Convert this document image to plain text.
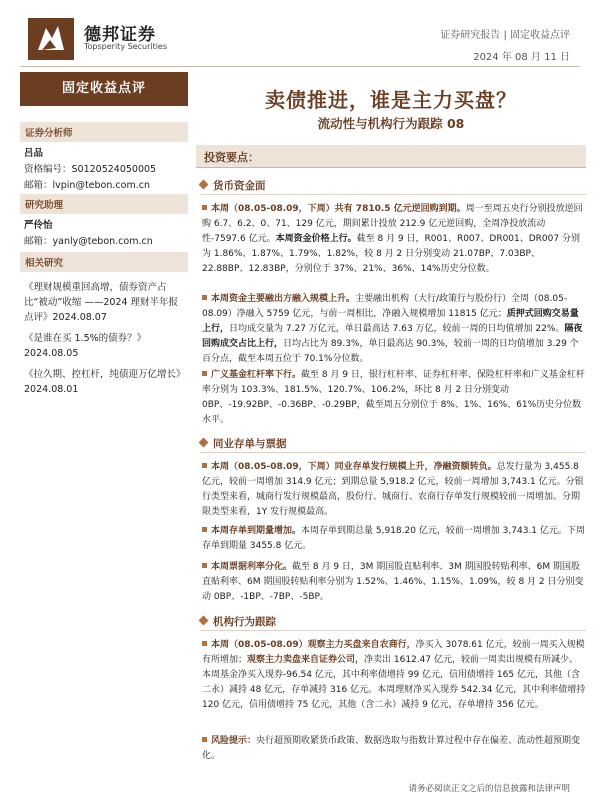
德邦证券
Topsperity Securities
证券研究报告 | 固定收益点评
2024 年 08 月 11 日
固定收益点评
证券分析师
吕品
资格编号：S0120524050005
邮箱：lvpin@tebon.com.cn
研究助理
严伶怡
邮箱：yanly@tebon.com.cn
相关研究
《理财规模重回高增，债券资产占比“被动”收缩 ——2024 理财半年报点评》2024.08.07
《是谁在买 1.5%的债券？》2024.08.05
《拉久期、控杠杆，纯债迎万亿增长》2024.08.01
卖债推进，谁是主力买盘？
流动性与机构行为跟踪 08
投资要点：
货币资金面
本周（08.05-08.09，下周）共有 7810.5 亿元逆回购到期。周一至周五央行分别投放逆回购 6.7、6.2、0、71、129 亿元，期间累计投放 212.9 亿元逆回购，全周净投放流动性-7597.6 亿元。本周资金价格上行。截至 8 月 9 日，R001、R007、DR001、DR007 分别为 1.86%、1.87%、1.79%、1.82%，较 8 月 2 日分别变动 21.07BP、7.03BP、22.88BP、12.83BP，分别位于 37%、21%、36%、14%历史分位数。
本周资金主要融出方融入规模上升。主要融出机构（大行/政策行与股份行）全周（08.05-08.09）净融入 5759 亿元，与前一周相比，净融入规模增加 11815 亿元；质押式回购交易量上行，日均成交量为 7.27 万亿元，单日最高达 7.63 万亿，较前一周的日均值增加 22%。隔夜回购成交占比上行，日均占比为 89.3%，单日最高达 90.3%，较前一周的日均值增加 3.29 个百分点，截至本周五位于 70.1%分位数。
广义基金杠杆率下行。截至 8 月 9 日，银行杠杆率、证券杠杆率、保险杠杆率和广义基金杠杆率分别为 103.3%、181.5%、120.7%、106.2%，环比 8 月 2 日分别变动 0BP、-19.92BP、-0.36BP、-0.29BP，截至周五分别位于 8%、1%、16%、61%历史分位数水平。
同业存单与票据
本周（08.05-08.09，下周）同业存单发行规模上升，净融资额转负。总发行量为 3,455.8 亿元，较前一周增加 314.9 亿元；到期总量 5,918.2 亿元，较前一周增加 3,743.1 亿元。分银行类型来看，城商行发行规模最高，股份行、城商行、农商行存单发行规模较前一周增加。分期限类型来看，1Y 发行规模最高。
本周存单到期量增加。本周存单到期总量 5,918.20 亿元，较前一周增加 3,743.1 亿元。下周存单到期量 3455.8 亿元。
本周票据利率分化。截至 8 月 9 日，3M 期国股直贴利率、3M 期国股转贴利率、6M 期国股直贴利率、6M 期国股转贴利率分别为 1.52%、1.46%、1.15%、1.09%，较 8 月 2 日分别变动 0BP、-1BP、-7BP、-5BP。
机构行为跟踪
本周（08.05-08.09）观察主力买盘来自农商行，净买入 3078.61 亿元，较前一周买入规模有所增加；观察主力卖盘来自证券公司，净卖出 1612.47 亿元，较前一周卖出规模有所减少。本周基金净买入现券-96.54 亿元，其中利率债增持 99 亿元，信用债增持 165 亿元，其他（含二永）减持 48 亿元，存单减持 316 亿元。本周理财净买入现券 542.34 亿元，其中利率债增持 120 亿元，信用债增持 75 亿元，其他（含二永）减持 9 亿元，存单增持 356 亿元。
风险提示：央行超预期收紧货币政策、数据选取与指数计算过程中存在偏差、流动性超预期变化。
请务必阅读正文之后的信息披露和法律声明
